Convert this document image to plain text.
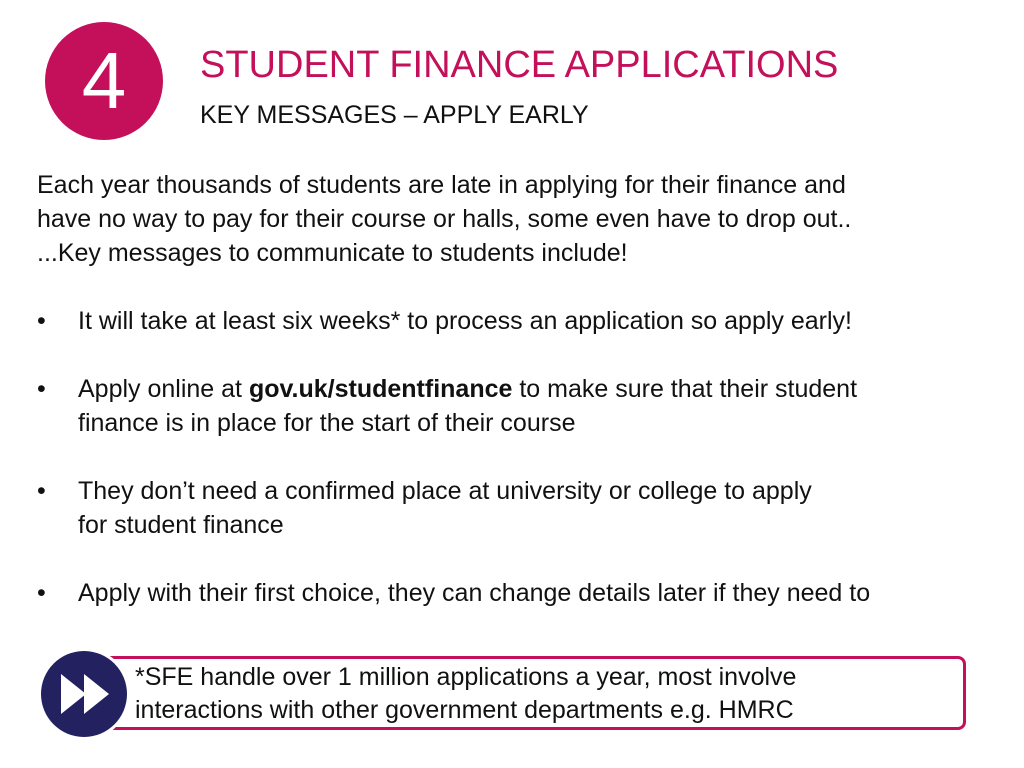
4	STUDENT FINANCE APPLICATIONS
KEY MESSAGES – APPLY EARLY
Each year thousands of students are late in applying for their finance and
have no way to pay for their course or halls, some even have to drop out..
...Key messages to communicate to students include!
• It will take at least six weeks* to process an application so apply early!
• Apply online at gov.uk/studentfinance to make sure that their student
finance is in place for the start of their course
• They don’t need a confirmed place at university or college to apply
for student finance
• Apply with their first choice, they can change details later if they need to
*SFE handle over 1 million applications a year, most involve
interactions with other government departments e.g. HMRC
